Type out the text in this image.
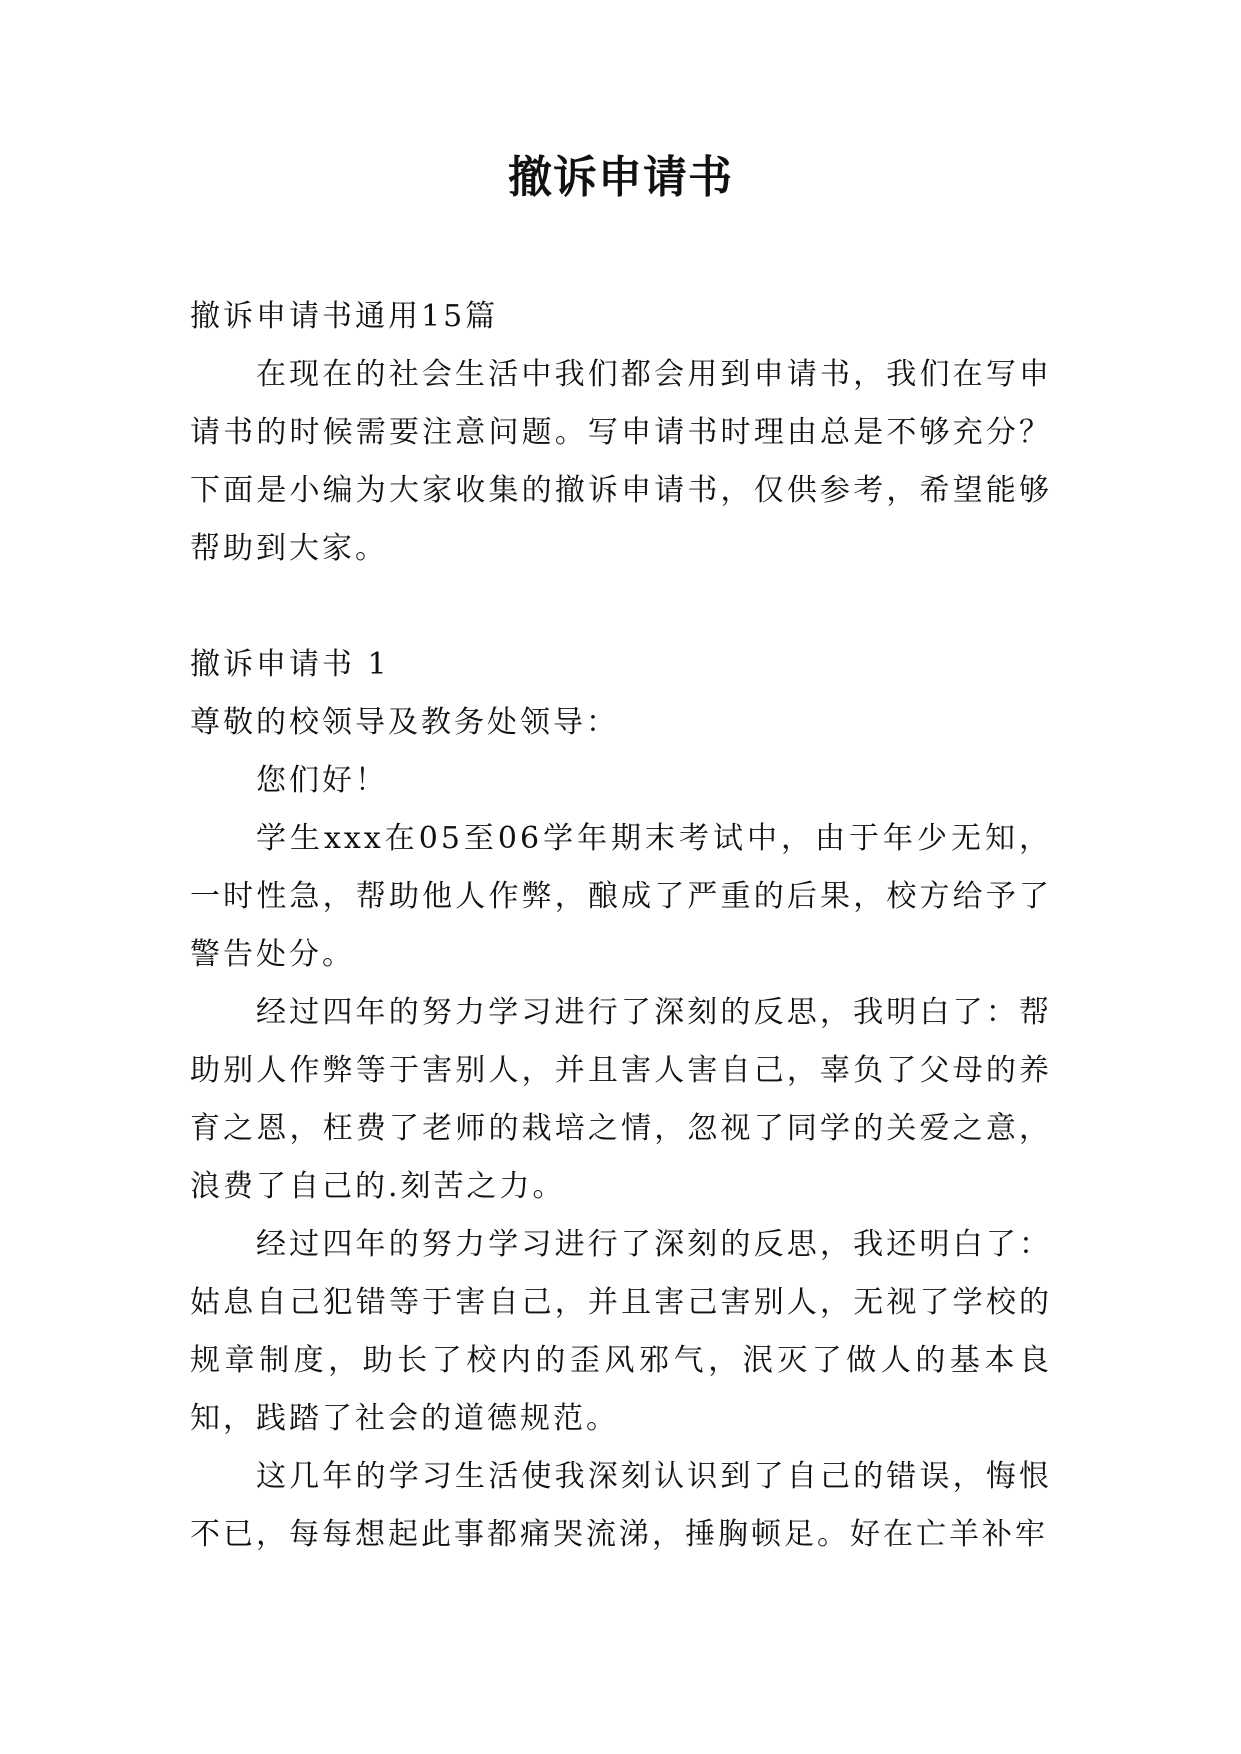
撤诉申请书

撤诉申请书通用15篇

在现在的社会生活中我们都会用到申请书，我们在写申请书的时候需要注意问题。写申请书时理由总是不够充分？下面是小编为大家收集的撤诉申请书，仅供参考，希望能够帮助到大家。

撤诉申请书 1

尊敬的校领导及教务处领导：

您们好！

学生xxx在05至06学年期末考试中，由于年少无知，一时性急，帮助他人作弊，酿成了严重的后果，校方给予了警告处分。

经过四年的努力学习进行了深刻的反思，我明白了：帮助别人作弊等于害别人，并且害人害自己，辜负了父母的养育之恩，枉费了老师的栽培之情，忽视了同学的关爱之意，浪费了自己的.刻苦之力。

经过四年的努力学习进行了深刻的反思，我还明白了：姑息自己犯错等于害自己，并且害己害别人，无视了学校的规章制度，助长了校内的歪风邪气，泯灭了做人的基本良知，践踏了社会的道德规范。

这几年的学习生活使我深刻认识到了自己的错误，悔恨不已，每每想起此事都痛哭流涕，捶胸顿足。好在亡羊补牢
